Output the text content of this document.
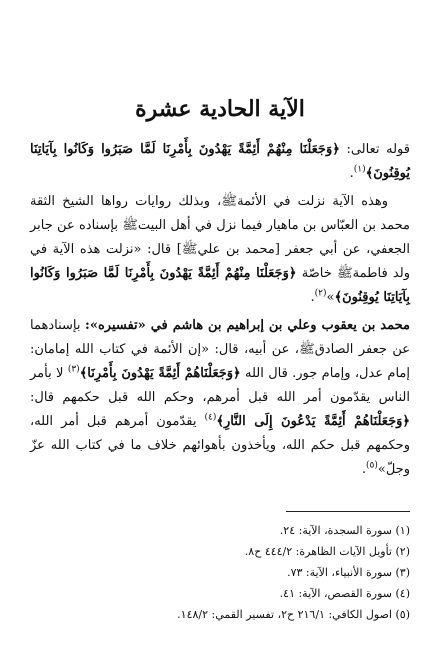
الآية الحادية عشرة

قوله تعالى: ﴿وَجَعَلْنَا مِنْهُمْ أَئِمَّةً يَهْدُونَ بِأَمْرِنَا لَمَّا صَبَرُوا وَكَانُوا بِآيَاتِنَا يُوقِنُونَ﴾$^{(١)}$.

وهذه الآية نزلت في الأئمةﷺ، وبذلك روايات رواها الشيخ الثقة محمد بن العبّاس بن ماهيار فيما نزل في أهل البيتﷺ بإسناده عن جابر الجعفي، عن أبي جعفر [محمد بن عليﷺ] قال: «نزلت هذه الآية في ولد فاطمةﷺ خاصّة ﴿وَجَعَلْنَا مِنْهُمْ أَئِمَّةً يَهْدُونَ بِأَمْرِنَا لَمَّا صَبَرُوا وَكَانُوا بِآيَاتِنَا يُوقِنُونَ﴾»$^{(٢)}$.

محمد بن يعقوب وعلي بن إبراهيم بن هاشم في «تفسيره»: بإسنادهما عن جعفر الصادقﷺ، عن أبيه، قال: «إن الأئمة في كتاب الله إمامان: إمام عدل، وإمام جور. قال الله ﴿وَجَعَلْنَاهُمْ أَئِمَّةً يَهْدُونَ بِأَمْرِنَا﴾$^{(٣)}$ لا بأمر الناس يقدّمون أمر الله قبل أمرهم، وحكم الله قبل حكمهم قال: ﴿وَجَعَلْنَاهُمْ أَئِمَّةً يَدْعُونَ إِلَى النَّارِ﴾$^{(٤)}$ يقدّمون أمرهم قبل أمر الله، وحكمهم قبل حكم الله، ويأخذون بأهوائهم خلاف ما في كتاب الله عزّ وجلّ»$^{(٥)}$.

(١) سورة السجدة، الآية: ٢٤.
(٢) تأويل الآيات الظاهرة: ٤٤٤/٢ ح٨.
(٣) سورة الأنبياء، الآية: ٧٣.
(٤) سورة القصص، الآية: ٤١.
(٥) اصول الكافي: ٢١٦/١ ح٢، تفسير القمي: ١٤٨/٢.
